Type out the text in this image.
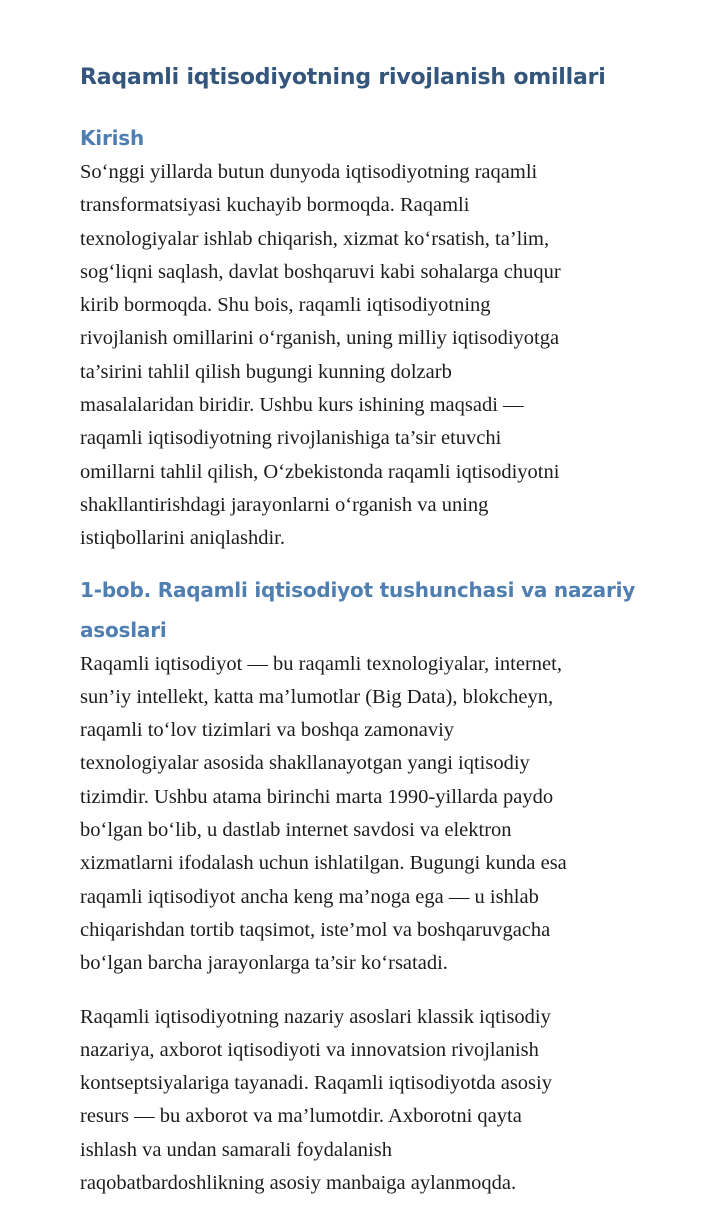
Raqamli iqtisodiyotning rivojlanish omillari
Kirish

So‘nggi yillarda butun dunyoda iqtisodiyotning raqamli
transformatsiyasi kuchayib bormoqda. Raqamli
texnologiyalar ishlab chiqarish, xizmat ko‘rsatish, ta’lim,
sog‘liqni saqlash, davlat boshqaruvi kabi sohalarga chuqur
kirib bormoqda. Shu bois, raqamli iqtisodiyotning
rivojlanish omillarini o‘rganish, uning milliy iqtisodiyotga
ta’sirini tahlil qilish bugungi kunning dolzarb
masalalaridan biridir. Ushbu kurs ishining maqsadi —
raqamli iqtisodiyotning rivojlanishiga ta’sir etuvchi
omillarni tahlil qilish, O‘zbekistonda raqamli iqtisodiyotni
shakllantirishdagi jarayonlarni o‘rganish va uning
istiqbollarini aniqlashdir.

1-bob. Raqamli iqtisodiyot tushunchasi va nazariy
asoslari

Raqamli iqtisodiyot — bu raqamli texnologiyalar, internet,
sun’iy intellekt, katta ma’lumotlar (Big Data), blokcheyn,
raqamli to‘lov tizimlari va boshqa zamonaviy
texnologiyalar asosida shakllanayotgan yangi iqtisodiy
tizimdir. Ushbu atama birinchi marta 1990-yillarda paydo
bo‘lgan bo‘lib, u dastlab internet savdosi va elektron
xizmatlarni ifodalash uchun ishlatilgan. Bugungi kunda esa
raqamli iqtisodiyot ancha keng ma’noga ega — u ishlab
chiqarishdan tortib taqsimot, iste’mol va boshqaruvgacha
bo‘lgan barcha jarayonlarga ta’sir ko‘rsatadi.

Raqamli iqtisodiyotning nazariy asoslari klassik iqtisodiy
nazariya, axborot iqtisodiyoti va innovatsion rivojlanish
kontseptsiyalariga tayanadi. Raqamli iqtisodiyotda asosiy
resurs — bu axborot va ma’lumotdir. Axborotni qayta
ishlash va undan samarali foydalanish
raqobatbardoshlikning asosiy manbaiga aylanmoqda.
